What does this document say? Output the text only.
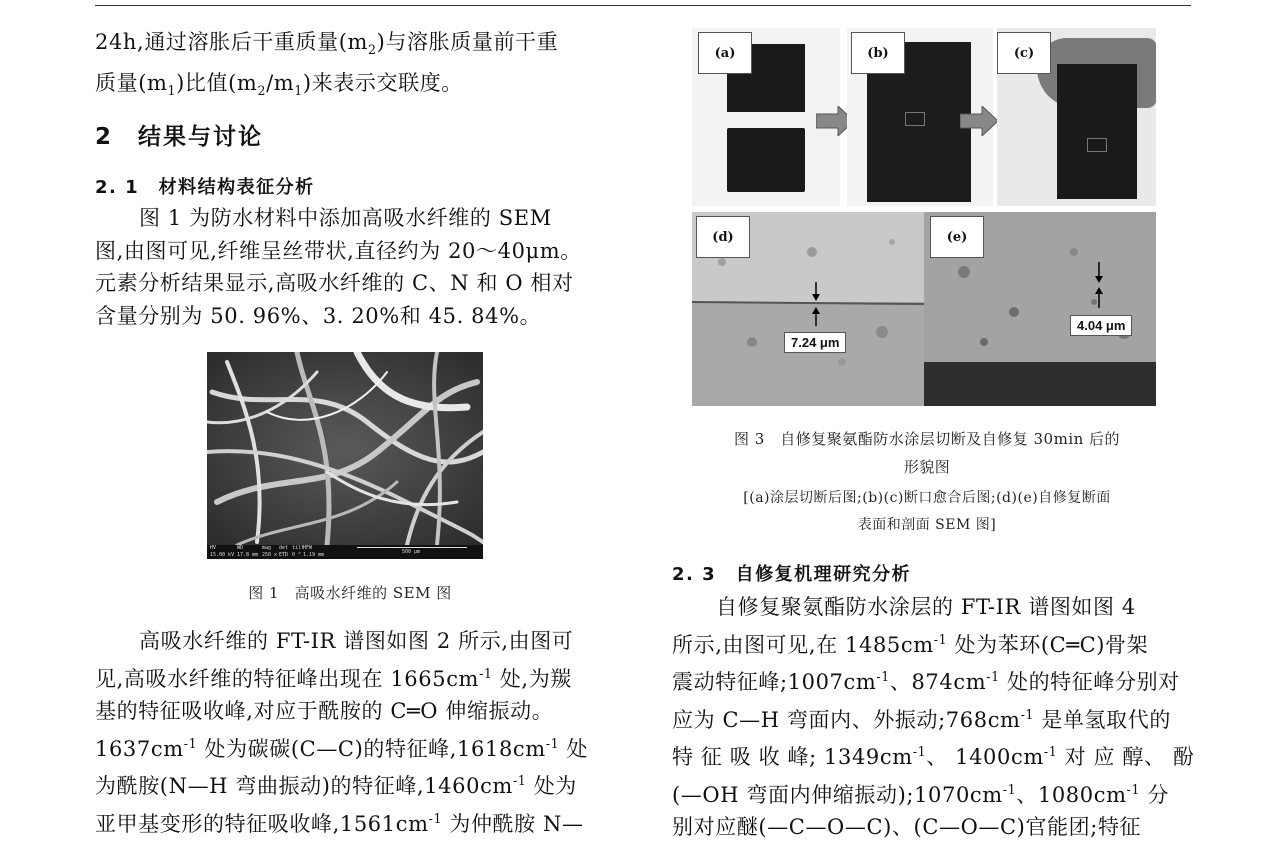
24h,通过溶胀后干重质量$(m_2)$与溶胀质量前干重
质量$(m_1)$比值$(m_2/m_1)$来表示交联度。

2　结果与讨论
2. 1　材料结构表征分析

图 1 为防水材料中添加高吸水纤维的 SEM
图,由图可见,纤维呈丝带状,直径约为 20～40μm。
元素分析结果显示,高吸水纤维的 C、N 和 O 相对
含量分别为 50. 96%、3. 20%和 45. 84%。

HV
15.00 kV
WD
17.8 mm
mag
250 x
det
ETD
tilt
0 °
HFW
1.19 mm	500 μm

图 1　高吸水纤维的 SEM 图

高吸水纤维的 FT-IR 谱图如图 2 所示,由图可
见,高吸水纤维的特征峰出现在 $1665cm^{-1}$ 处,为羰
基的特征吸收峰,对应于酰胺的 C═O 伸缩振动。
$1637cm^{-1}$ 处为碳碳(C—C)的特征峰$,1618cm^{-1}$ 处
为酰胺(N—H 弯曲振动)的特征峰$,1460cm^{-1}$ 处为
亚甲基变形的特征吸收峰$,1561cm^{-1}$ 为仲酰胺 N—

(a)	(b)	(c)
(d)
7.24 μm
(e)
4.04 μm

图 3　自修复聚氨酯防水涂层切断及自修复 30min 后的

形貌图

[(a)涂层切断后图;(b)(c)断口愈合后图;(d)(e)自修复断面

表面和剖面 SEM 图]

2. 3　自修复机理研究分析

自修复聚氨酯防水涂层的 FT-IR 谱图如图 4
所示,由图可见,在 $1485cm^{-1}$ 处为苯环(C═C)骨架
震动特征峰$;1007cm^{-1}$、$874cm^{-1}$ 处的特征峰分别对
应为 C—H 弯面内、外振动$;768cm^{-1}$ 是单氢取代的
特 征 吸 收 峰; $1349cm^{-1}$、 $1400cm^{-1}$ 对 应 醇、 酚
(—OH 弯面内伸缩振动)$;1070cm^{-1}$、$1080cm^{-1}$ 分
别对应醚(—C—O—C)、(C—O—C)官能团;特征
